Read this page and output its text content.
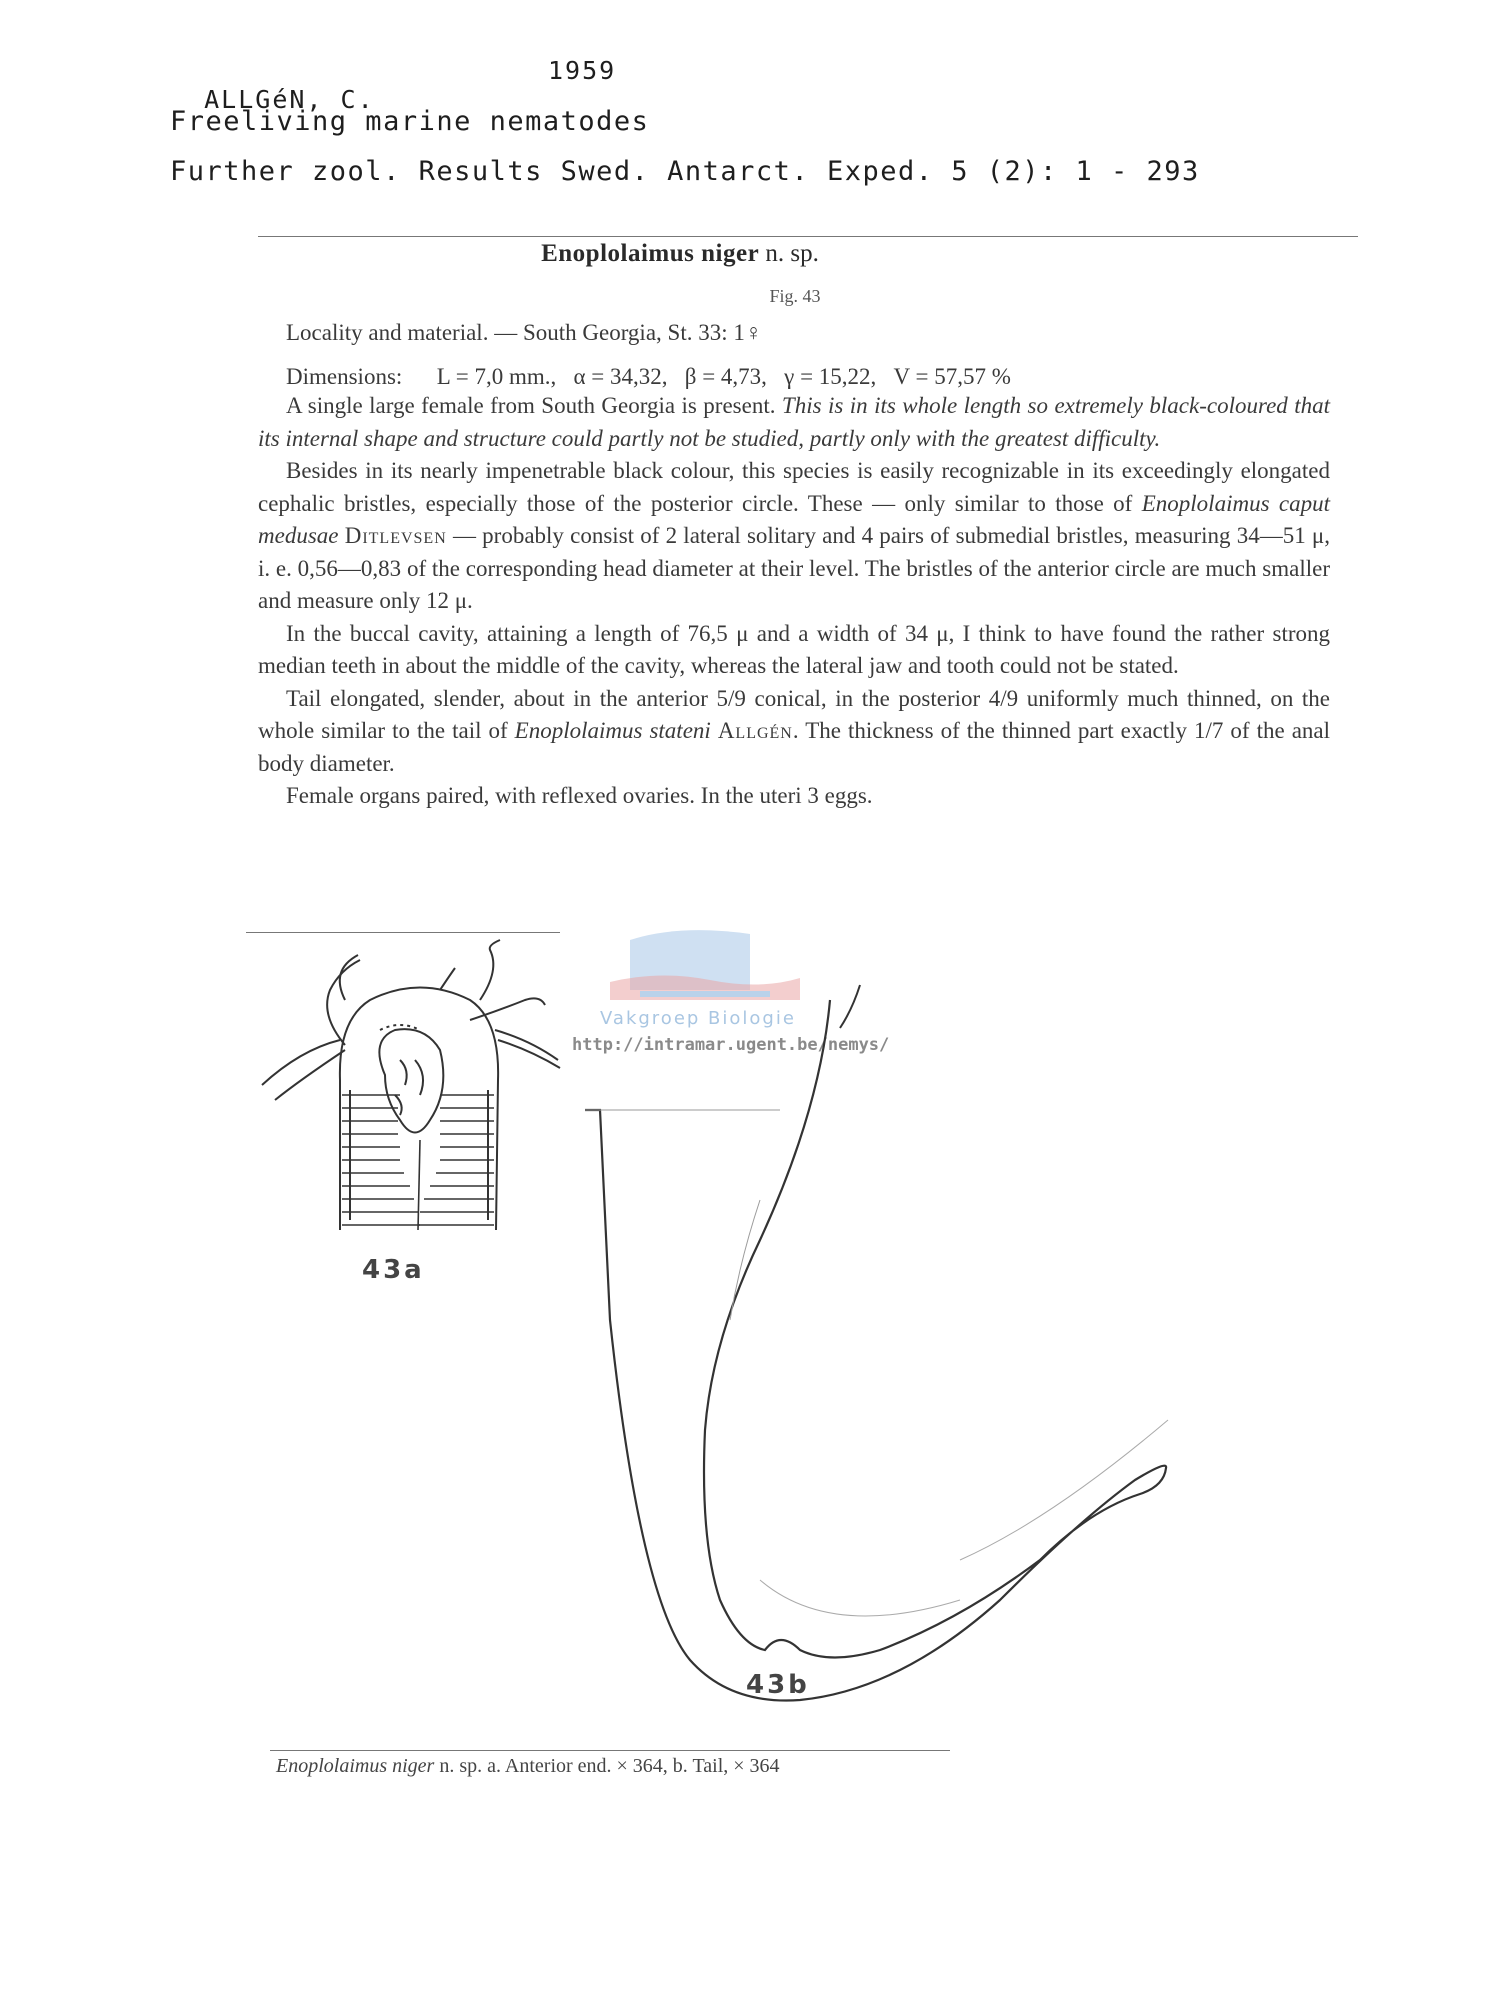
ALLGéN, C.

1959

Freeliving marine nematodes
Further zool. Results Swed. Antarct. Exped. 5 (2): 1 - 293
Enoplolaimus niger n. sp.
Fig. 43
Locality and material. — South Georgia, St. 33: 1♀
Dimensions: L = 7,0 mm.,   α = 34,32,   β = 4,73,   γ = 15,22,   V = 57,57 %

A single large female from South Georgia is present. This is in its whole length so extremely black-coloured that its internal shape and structure could partly not be studied, partly only with the greatest difficulty.

Besides in its nearly impenetrable black colour, this species is easily recognizable in its exceedingly elongated cephalic bristles, especially those of the posterior circle. These — only similar to those of Enoplolaimus caput medusae Ditlevsen — probably consist of 2 lateral solitary and 4 pairs of submedial bristles, measuring 34—51 μ, i. e. 0,56—0,83 of the corresponding head diameter at their level. The bristles of the anterior circle are much smaller and measure only 12 μ.

In the buccal cavity, attaining a length of 76,5 μ and a width of 34 μ, I think to have found the rather strong median teeth in about the middle of the cavity, whereas the lateral jaw and tooth could not be stated.

Tail elongated, slender, about in the anterior 5/9 conical, in the posterior 4/9 uniformly much thinned, on the whole similar to the tail of Enoplolaimus stateni Allgén. The thickness of the thinned part exactly 1/7 of the anal body diameter.

Female organs paired, with reflexed ovaries. In the uteri 3 eggs.

Vakgroep Biologie
http://intramar.ugent.be/nemys/
43a
43b
Enoplolaimus niger n. sp. a. Anterior end. × 364, b. Tail, × 364
